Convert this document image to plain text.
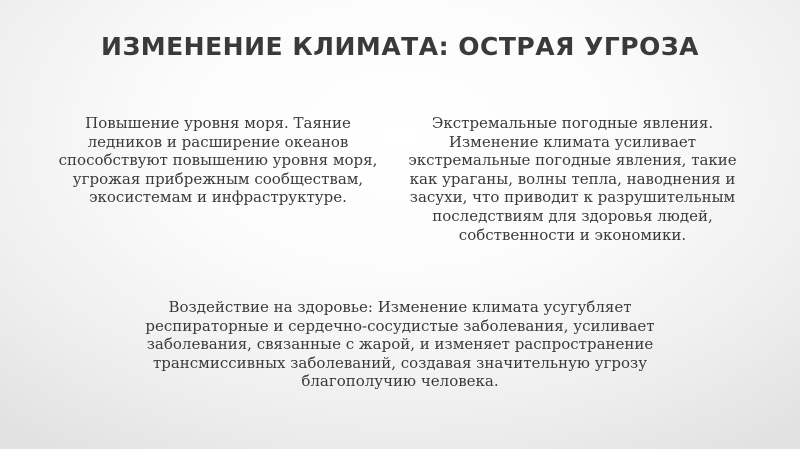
ИЗМЕНЕНИЕ КЛИМАТА: ОСТРАЯ УГРОЗА

Повышение уровня моря. Таяние ледников и расширение океанов способствуют повышению уровня моря, угрожая прибрежным сообществам, экосистемам и инфраструктуре.

Экстремальные погодные явления. Изменение климата усиливает экстремальные погодные явления, такие как ураганы, волны тепла, наводнения и засухи, что приводит к разрушительным последствиям для здоровья людей, собственности и экономики.

Воздействие на здоровье: Изменение климата усугубляет респираторные и сердечно-сосудистые заболевания, усиливает заболевания, связанные с жарой, и изменяет распространение трансмиссивных заболеваний, создавая значительную угрозу благополучию человека.
